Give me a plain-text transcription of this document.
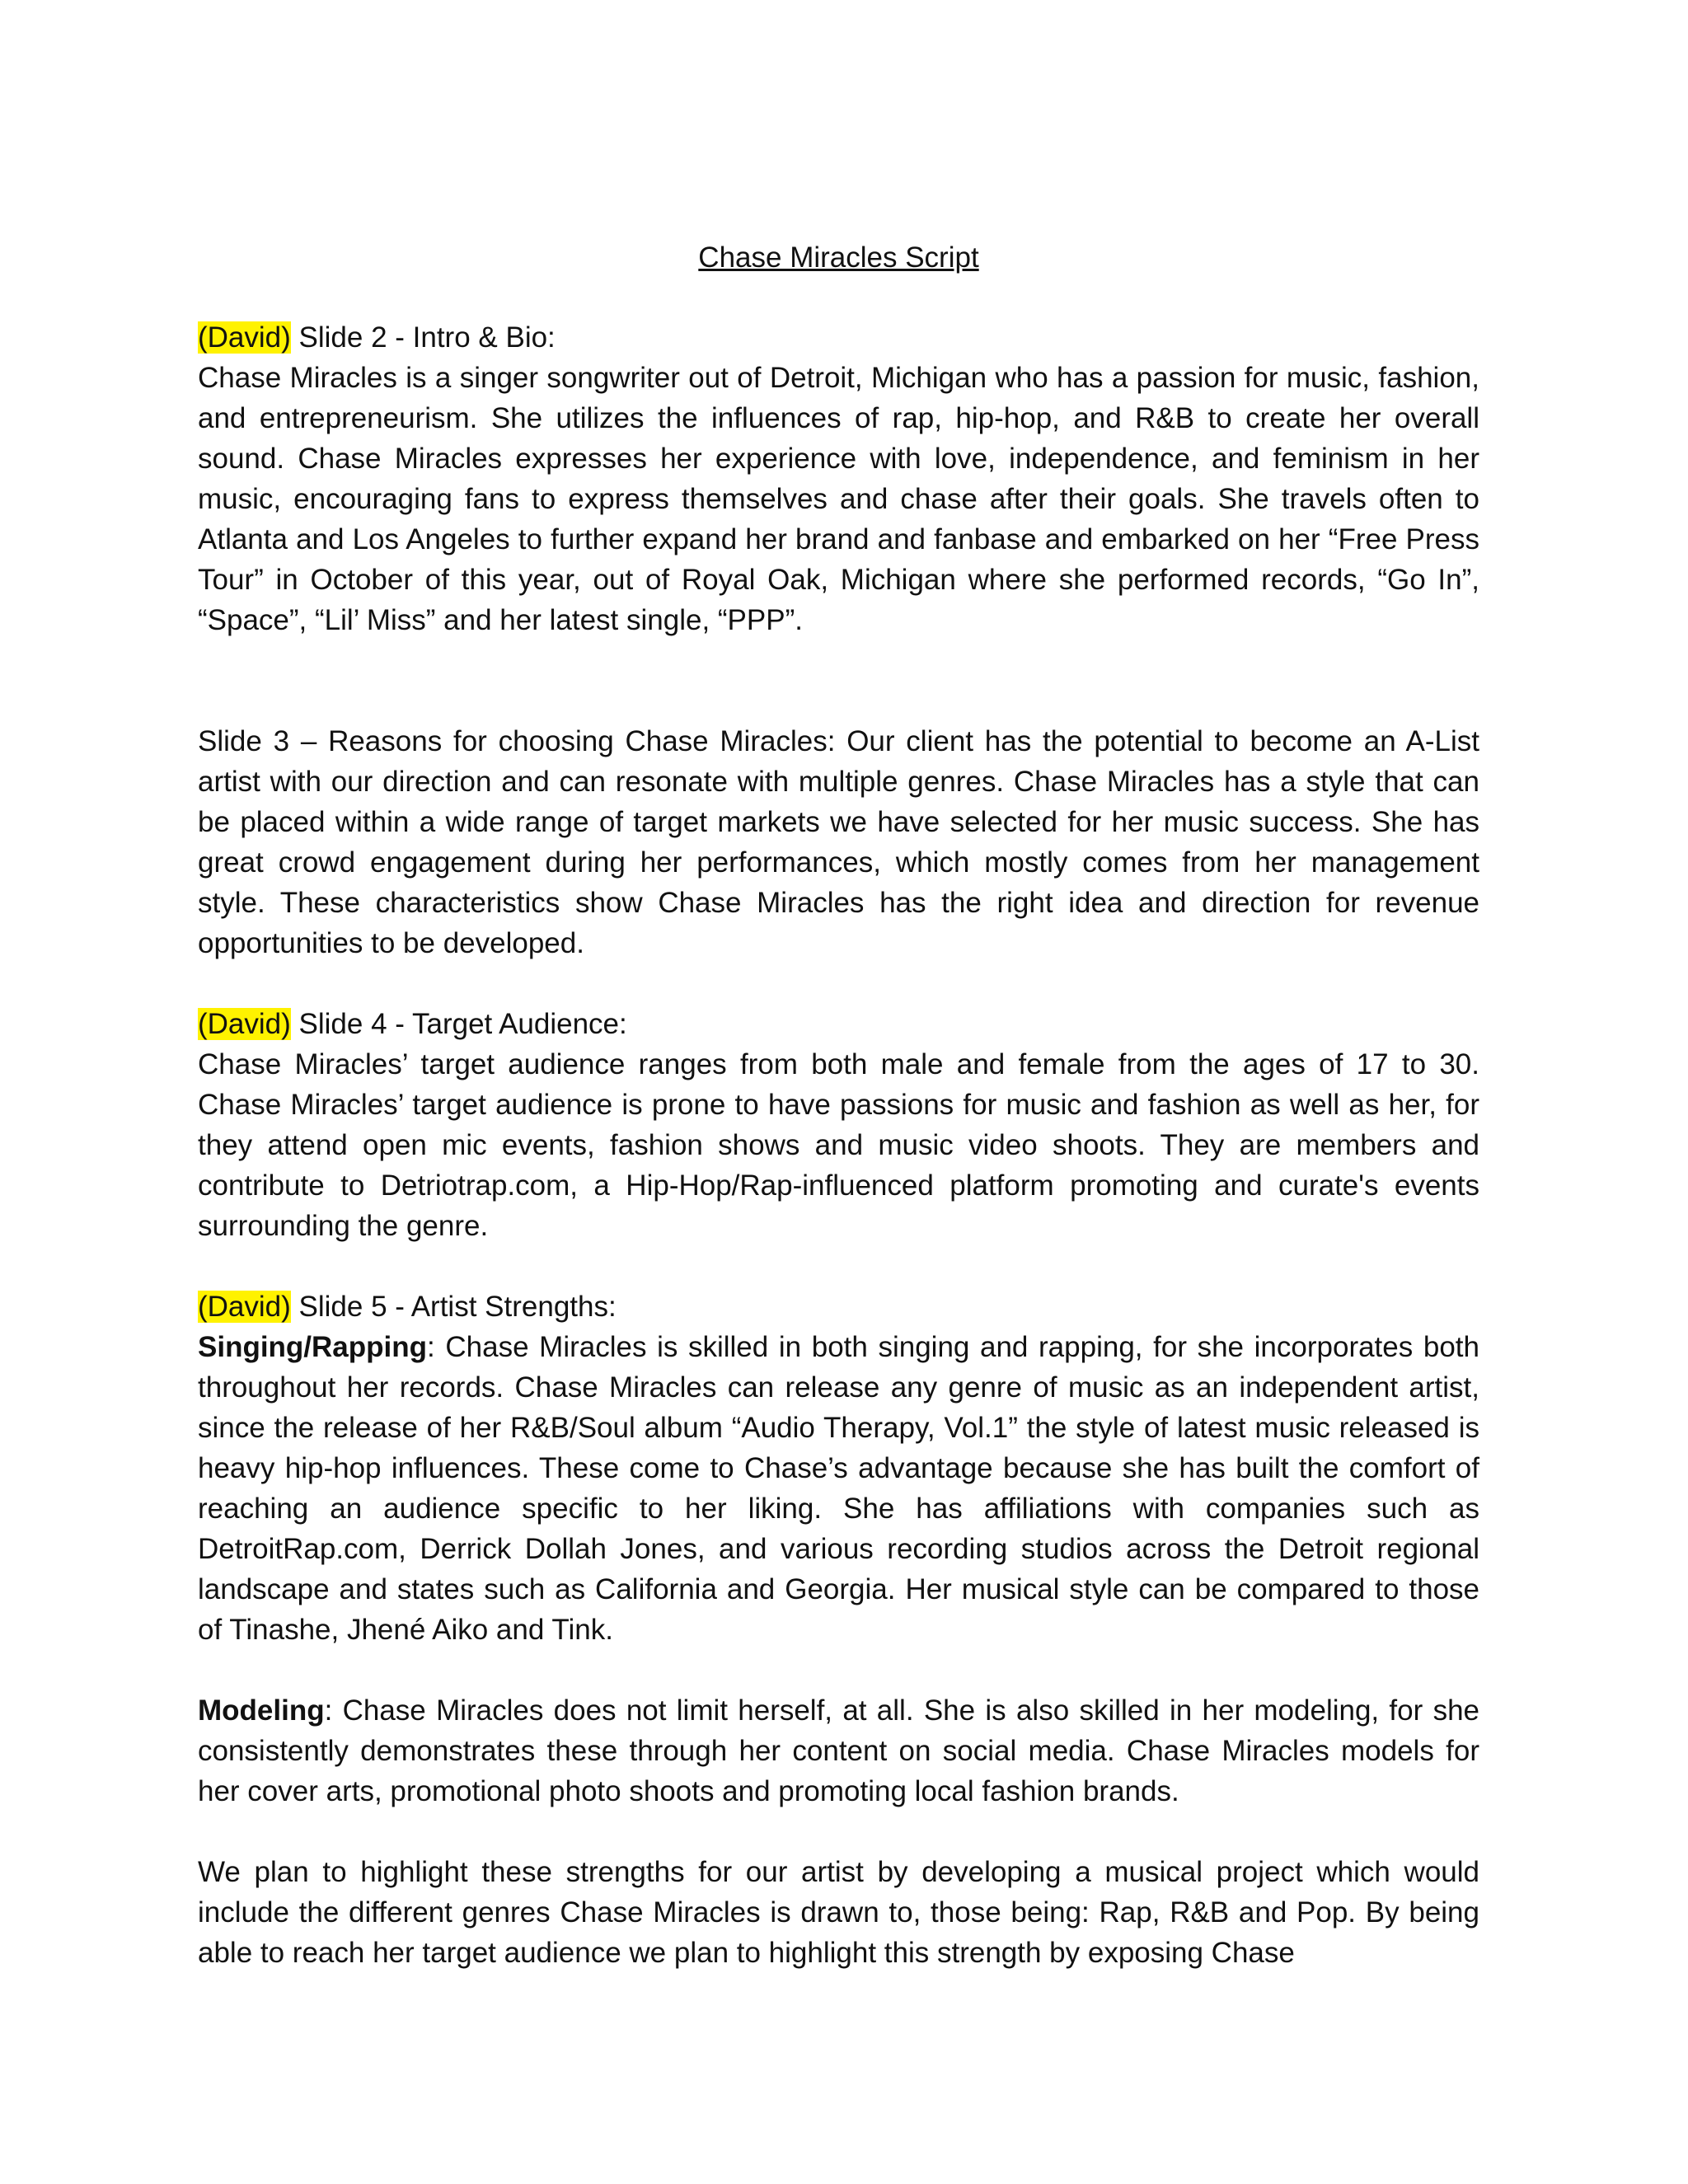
Chase Miracles Script

(David) Slide 2 - Intro & Bio:

Chase Miracles is a singer songwriter out of Detroit, Michigan who has a passion for music, fashion, and entrepreneurism. She utilizes the influences of rap, hip-hop, and R&B to create her overall sound. Chase Miracles expresses her experience with love, independence, and feminism in her music, encouraging fans to express themselves and chase after their goals. She travels often to Atlanta and Los Angeles to further expand her brand and fanbase and embarked on her “Free Press Tour” in October of this year, out of Royal Oak, Michigan where she performed records, “Go In”, “Space”, “Lil’ Miss” and her latest single, “PPP”.

Slide 3 – Reasons for choosing Chase Miracles: Our client has the potential to become an A-List artist with our direction and can resonate with multiple genres. Chase Miracles has a style that can be placed within a wide range of target markets we have selected for her music success. She has great crowd engagement during her performances, which mostly comes from her management style. These characteristics show Chase Miracles has the right idea and direction for revenue opportunities to be developed.

(David) Slide 4 - Target Audience:

Chase Miracles’ target audience ranges from both male and female from the ages of 17 to 30. Chase Miracles’ target audience is prone to have passions for music and fashion as well as her, for they attend open mic events, fashion shows and music video shoots. They are members and contribute to Detriotrap.com, a Hip-Hop/Rap-influenced platform promoting and curate's events surrounding the genre.

(David) Slide 5 - Artist Strengths:

Singing/Rapping: Chase Miracles is skilled in both singing and rapping, for she incorporates both throughout her records. Chase Miracles can release any genre of music as an independent artist, since the release of her R&B/Soul album “Audio Therapy, Vol.1” the style of latest music released is heavy hip-hop influences. These come to Chase’s advantage because she has built the comfort of reaching an audience specific to her liking. She has affiliations with companies such as DetroitRap.com, Derrick Dollah Jones, and various recording studios across the Detroit regional landscape and states such as California and Georgia. Her musical style can be compared to those of Tinashe, Jhené Aiko and Tink.

Modeling: Chase Miracles does not limit herself, at all. She is also skilled in her modeling, for she consistently demonstrates these through her content on social media. Chase Miracles models for her cover arts, promotional photo shoots and promoting local fashion brands.

We plan to highlight these strengths for our artist by developing a musical project which would include the different genres Chase Miracles is drawn to, those being: Rap, R&B and Pop. By being able to reach her target audience we plan to highlight this strength by exposing Chase
